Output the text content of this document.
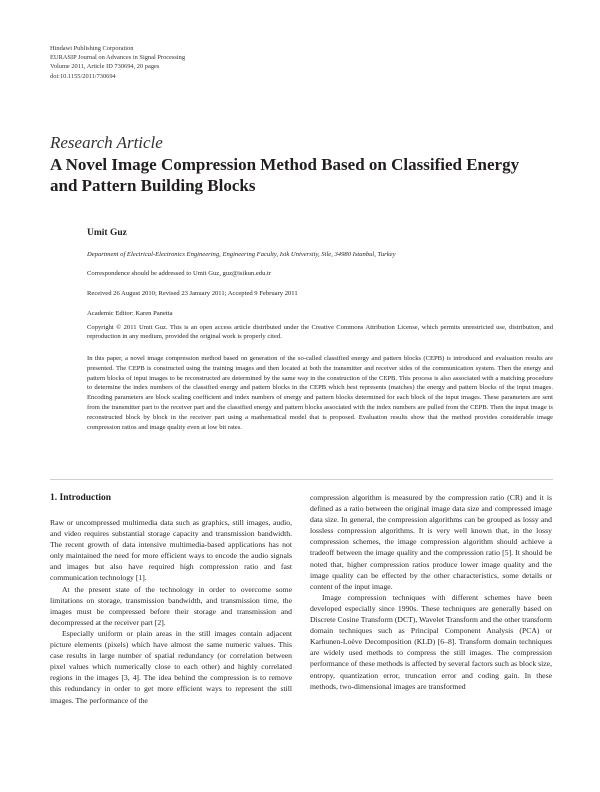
Hindawi Publishing Corporation
EURASIP Journal on Advances in Signal Processing
Volume 2011, Article ID 730694, 20 pages
doi:10.1155/2011/730694
Research Article
A Novel Image Compression Method Based on Classified Energy and Pattern Building Blocks
Umit Guz
Department of Electrical-Electronics Engineering, Engineering Faculty, Isik University, Sile, 34980 Istanbul, Turkey
Correspondence should be addressed to Umit Guz, guz@isikun.edu.tr
Received 26 August 2010; Revised 23 January 2011; Accepted 9 February 2011
Academic Editor: Karen Panetta
Copyright © 2011 Umit Guz. This is an open access article distributed under the Creative Commons Attribution License, which permits unrestricted use, distribution, and reproduction in any medium, provided the original work is properly cited.
In this paper, a novel image compression method based on generation of the so-called classified energy and pattern blocks (CEPB) is introduced and evaluation results are presented. The CEPB is constructed using the training images and then located at both the transmitter and receiver sides of the communication system. Then the energy and pattern blocks of input images to be reconstructed are determined by the same way in the construction of the CEPB. This process is also associated with a matching procedure to determine the index numbers of the classified energy and pattern blocks in the CEPB which best represents (matches) the energy and pattern blocks of the input images. Encoding parameters are block scaling coefficient and index numbers of energy and pattern blocks determined for each block of the input images. These parameters are sent from the transmitter part to the receiver part and the classified energy and pattern blocks associated with the index numbers are pulled from the CEPB. Then the input image is reconstructed block by block in the receiver part using a mathematical model that is proposed. Evaluation results show that the method provides considerable image compression ratios and image quality even at low bit rates.
1. Introduction

Raw or uncompressed multimedia data such as graphics, still images, audio, and video requires substantial storage capacity and transmission bandwidth. The recent growth of data intensive multimedia-based applications has not only maintained the need for more efficient ways to encode the audio signals and images but also have required high compression ratio and fast communication technology [1].

At the present state of the technology in order to overcome some limitations on storage, transmission bandwidth, and transmission time, the images must be compressed before their storage and transmission and decompressed at the receiver part [2].

Especially uniform or plain areas in the still images contain adjacent picture elements (pixels) which have almost the same numeric values. This case results in large number of spatial redundancy (or correlation between pixel values which numerically close to each other) and highly correlated regions in the images [3, 4]. The idea behind the compression is to remove this redundancy in order to get more efficient ways to represent the still images. The performance of the

compression algorithm is measured by the compression ratio (CR) and it is defined as a ratio between the original image data size and compressed image data size. In general, the compression algorithms can be grouped as lossy and lossless compression algorithms. It is very well known that, in the lossy compression schemes, the image compression algorithm should achieve a tradeoff between the image quality and the compression ratio [5]. It should be noted that, higher compression ratios produce lower image quality and the image quality can be effected by the other characteristics, some details or content of the input image.

Image compression techniques with different schemes have been developed especially since 1990s. These techniques are generally based on Discrete Cosine Transform (DCT), Wavelet Transform and the other transform domain techniques such as Principal Component Analysis (PCA) or Karhunen-Loève Decomposition (KLD) [6–8]. Transform domain techniques are widely used methods to compress the still images. The compression performance of these methods is affected by several factors such as block size, entropy, quantization error, truncation error and coding gain. In these methods, two-dimensional images are transformed
